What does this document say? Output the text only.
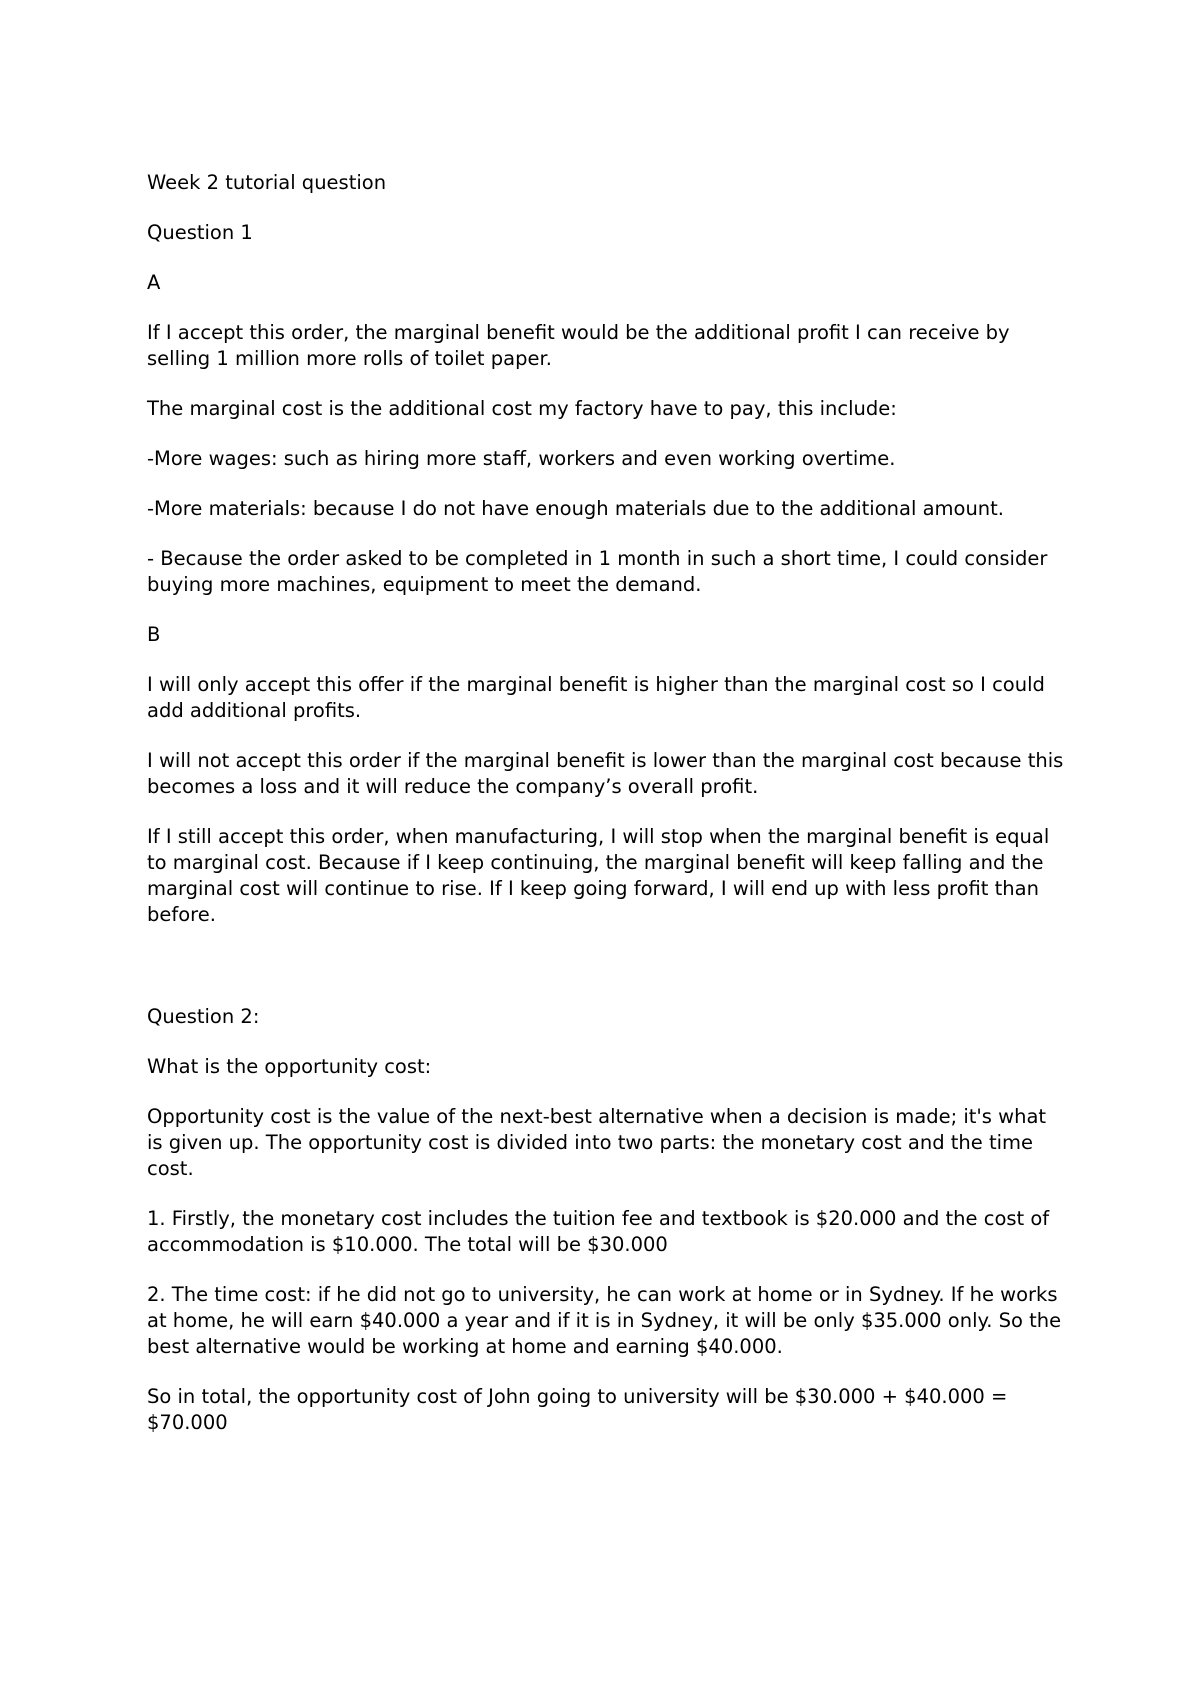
Week 2 tutorial question

Question 1

A

If I accept this order, the marginal benefit would be the additional profit I can receive by selling 1 million more rolls of toilet paper.

The marginal cost is the additional cost my factory have to pay, this include:

-More wages: such as hiring more staff, workers and even working overtime.

-More materials: because I do not have enough materials due to the additional amount.

- Because the order asked to be completed in 1 month in such a short time, I could consider buying more machines, equipment to meet the demand.

B

I will only accept this offer if the marginal benefit is higher than the marginal cost so I could add additional profits.

I will not accept this order if the marginal benefit is lower than the marginal cost because this becomes a loss and it will reduce the company’s overall profit.

If I still accept this order, when manufacturing, I will stop when the marginal benefit is equal to marginal cost. Because if I keep continuing, the marginal benefit will keep falling and the marginal cost will continue to rise. If I keep going forward, I will end up with less profit than before.

Question 2:

What is the opportunity cost:

Opportunity cost is the value of the next-best alternative when a decision is made; it's what is given up. The opportunity cost is divided into two parts: the monetary cost and the time cost.

1. Firstly, the monetary cost includes the tuition fee and textbook is $20.000 and the cost of accommodation is $10.000. The total will be $30.000

2. The time cost: if he did not go to university, he can work at home or in Sydney. If he works at home, he will earn $40.000 a year and if it is in Sydney, it will be only $35.000 only. So the best alternative would be working at home and earning $40.000.

So in total, the opportunity cost of John going to university will be $30.000 + $40.000 = $70.000
